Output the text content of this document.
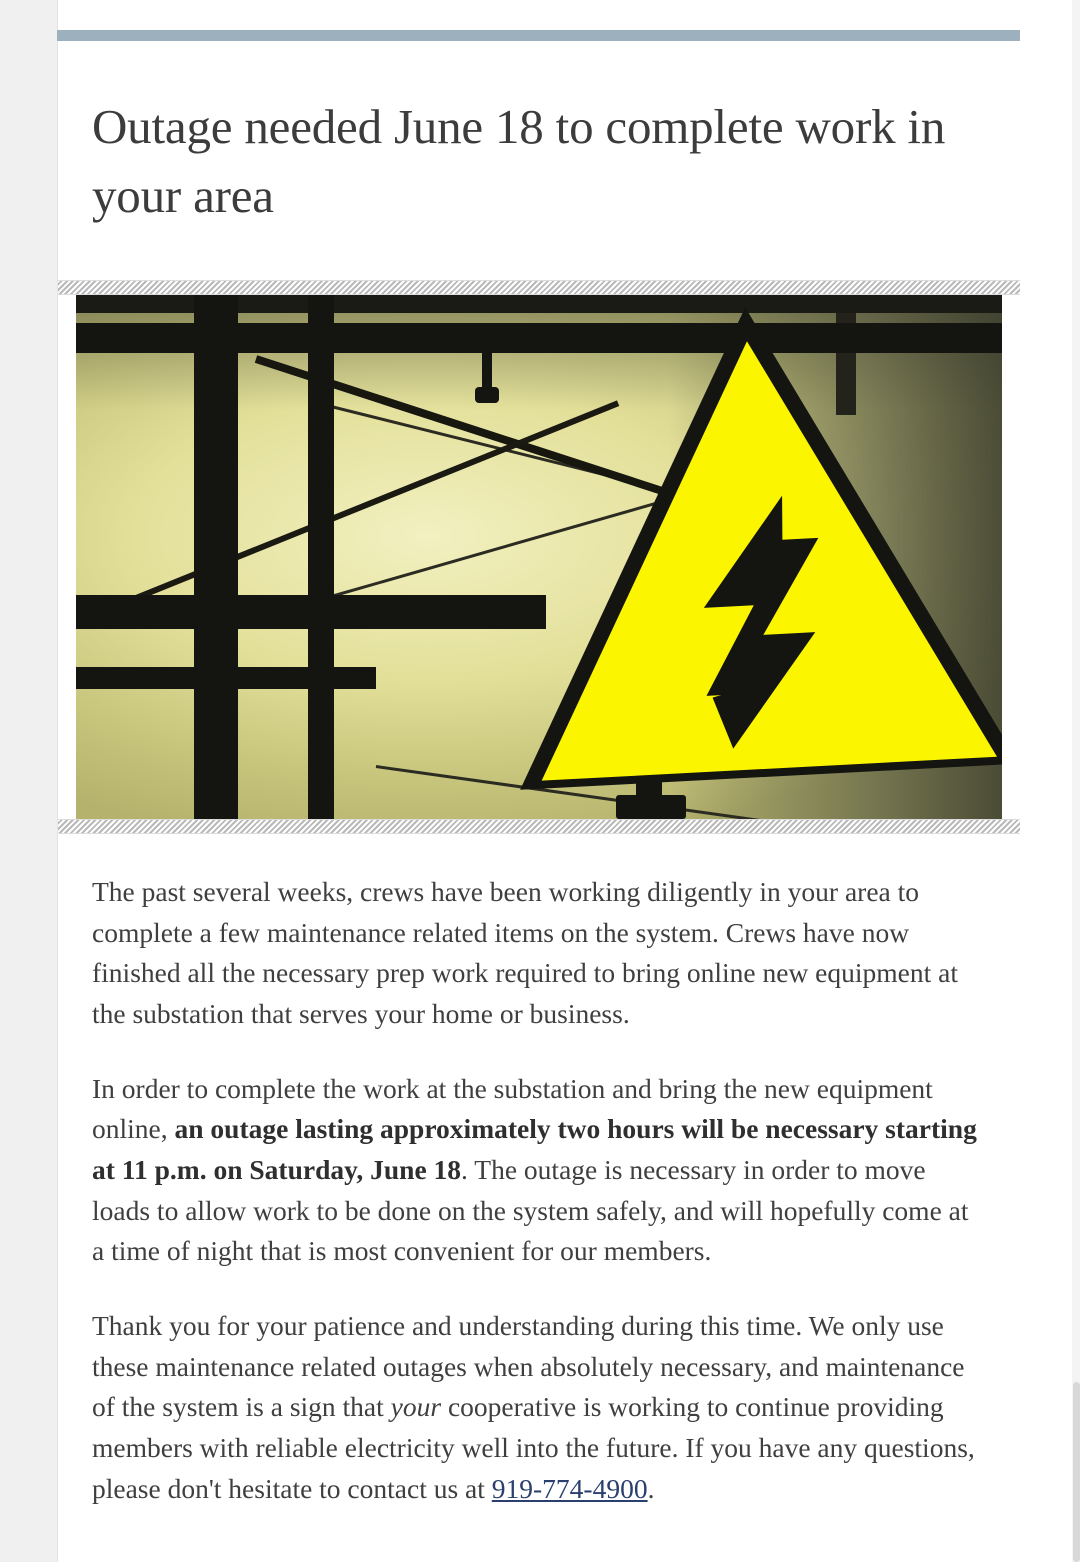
Outage needed June 18 to complete work in your area

The past several weeks, crews have been working diligently in your area to complete a few maintenance related items on the system. Crews have now finished all the necessary prep work required to bring online new equipment at the substation that serves your home or business.

In order to complete the work at the substation and bring the new equipment online, an outage lasting approximately two hours will be necessary starting at 11 p.m. on Saturday, June 18. The outage is necessary in order to move loads to allow work to be done on the system safely, and will hopefully come at a time of night that is most convenient for our members.

Thank you for your patience and understanding during this time. We only use these maintenance related outages when absolutely necessary, and maintenance of the system is a sign that your cooperative is working to continue providing members with reliable electricity well into the future. If you have any questions, please don't hesitate to contact us at 919-774-4900.
